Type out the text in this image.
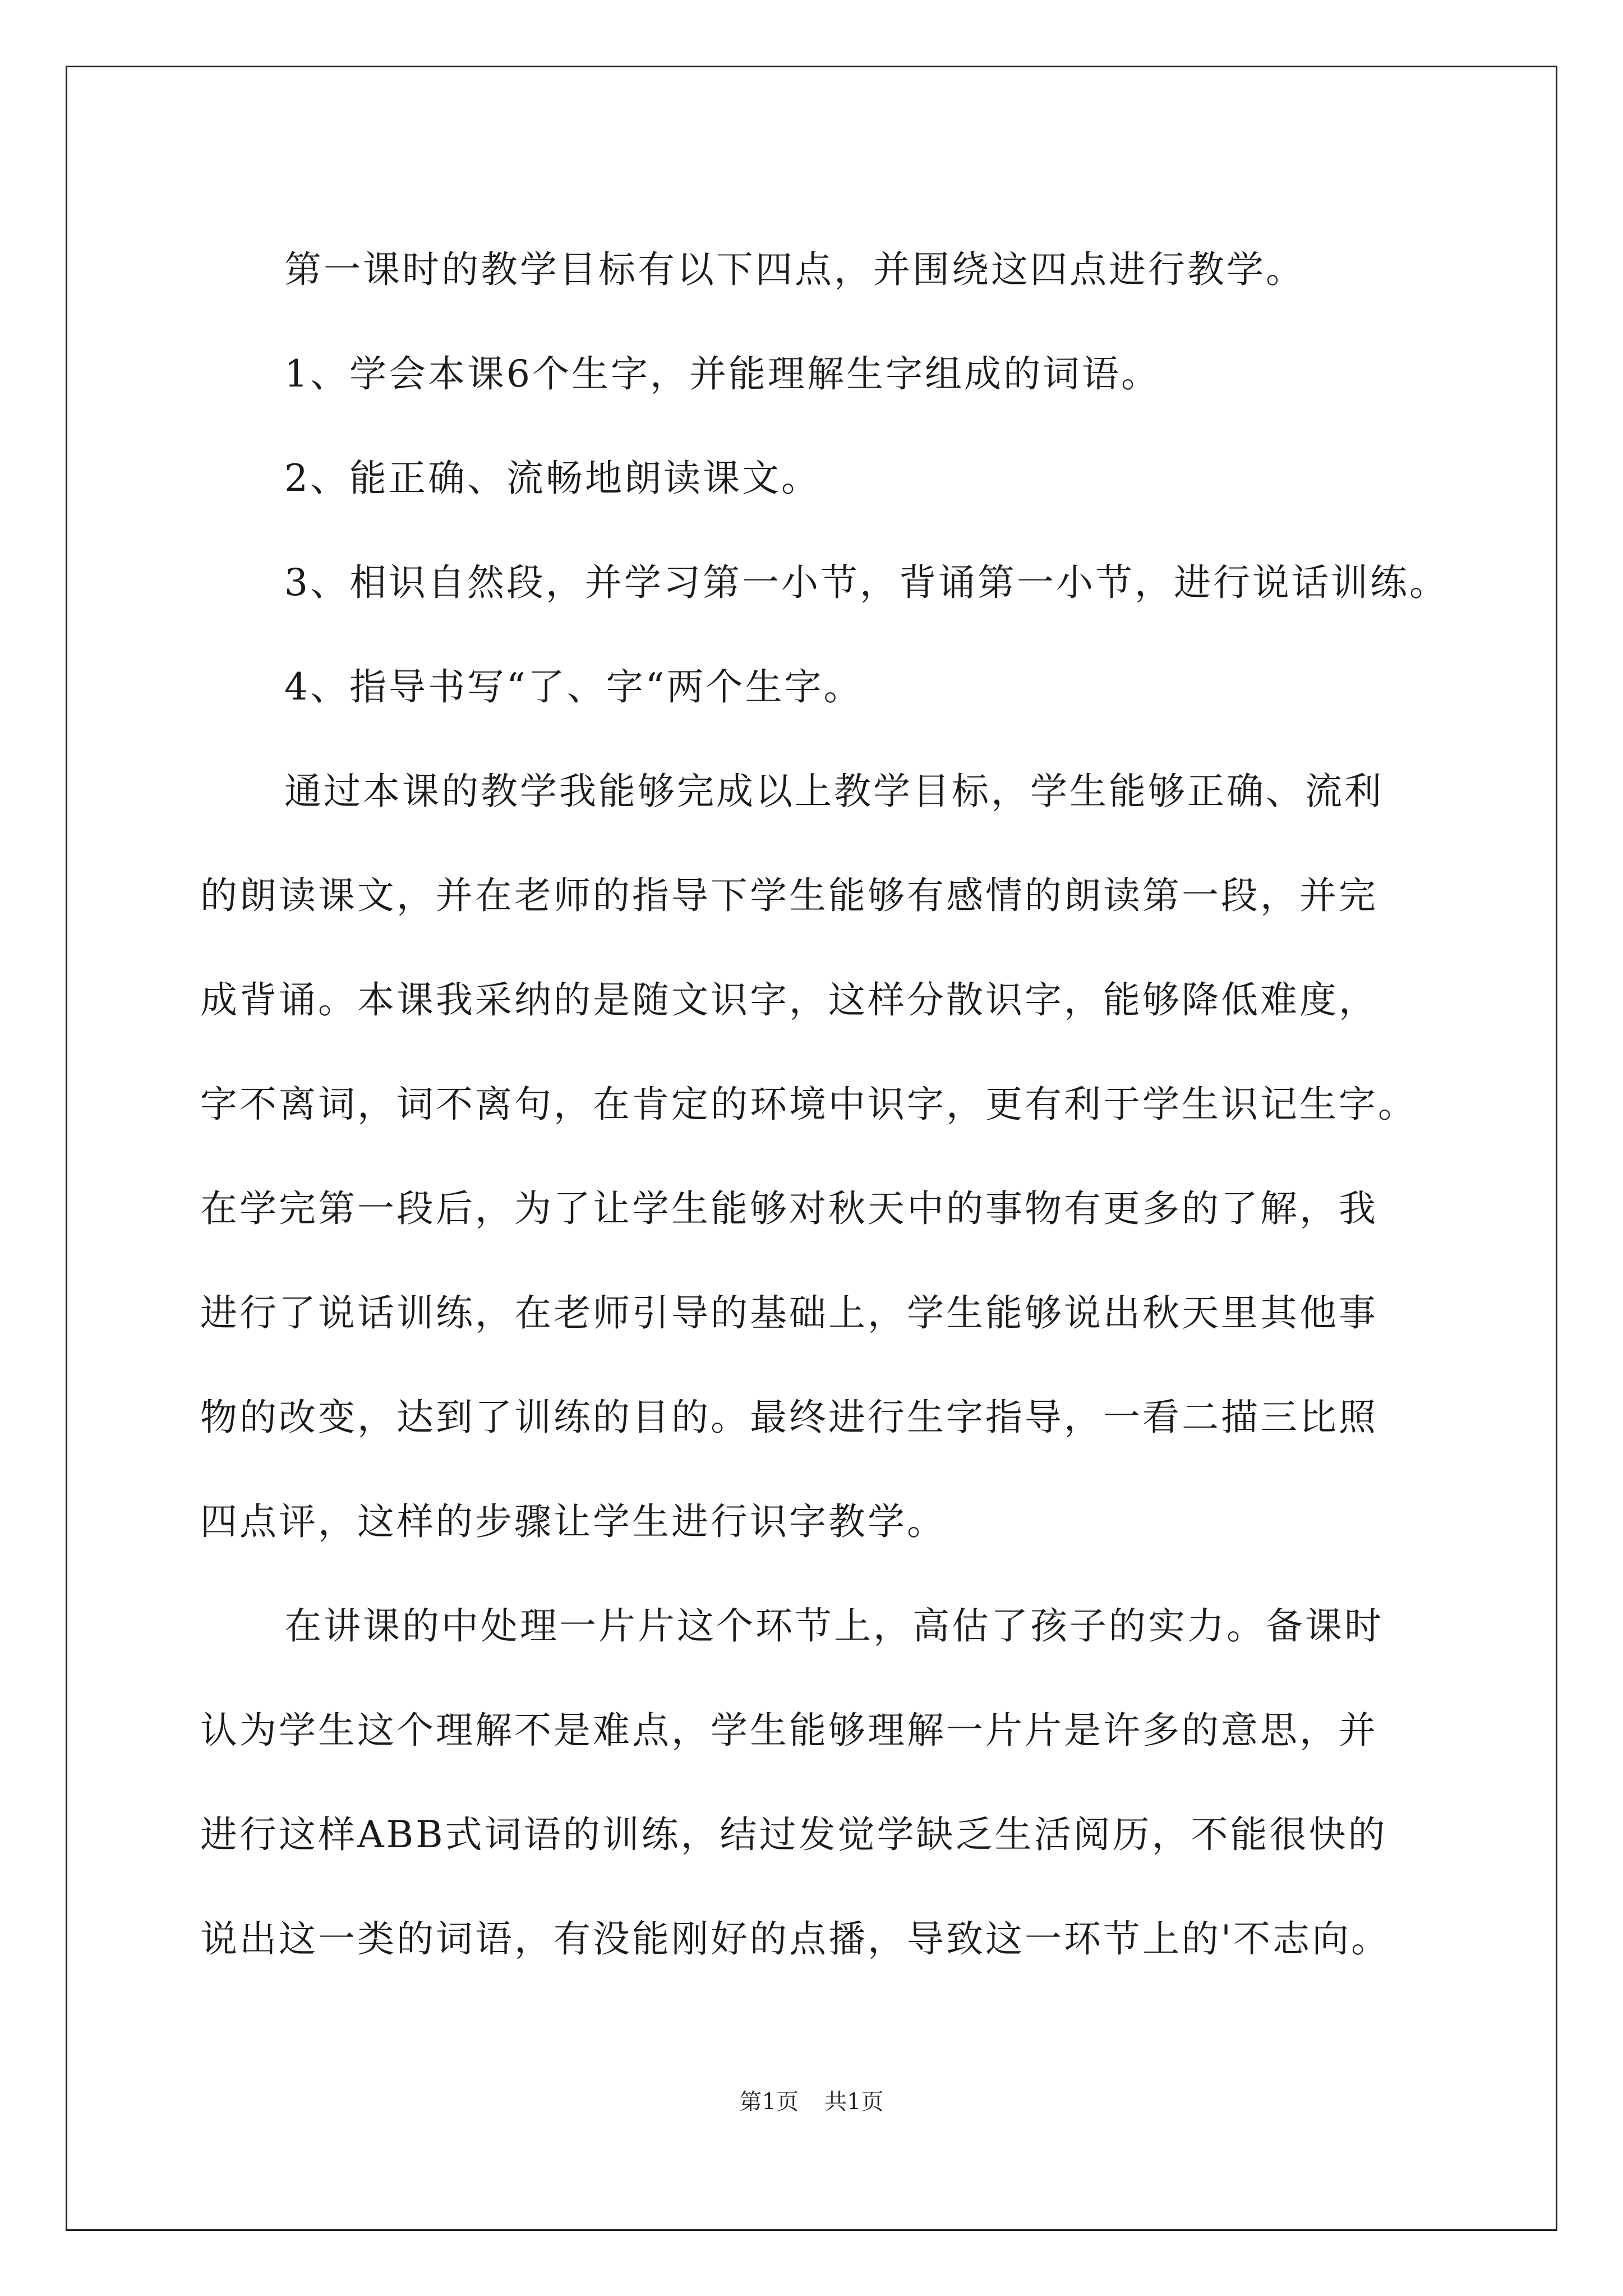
第一课时的教学目标有以下四点，并围绕这四点进行教学。
1、学会本课6个生字，并能理解生字组成的词语。
2、能正确、流畅地朗读课文。
3、相识自然段，并学习第一小节，背诵第一小节，进行说话训练。
4、指导书写“了、字“两个生字。
通过本课的教学我能够完成以上教学目标，学生能够正确、流利
的朗读课文，并在老师的指导下学生能够有感情的朗读第一段，并完
成背诵。本课我采纳的是随文识字，这样分散识字，能够降低难度，
字不离词，词不离句，在肯定的环境中识字，更有利于学生识记生字。
在学完第一段后，为了让学生能够对秋天中的事物有更多的了解，我
进行了说话训练，在老师引导的基础上，学生能够说出秋天里其他事
物的改变，达到了训练的目的。最终进行生字指导，一看二描三比照
四点评，这样的步骤让学生进行识字教学。
在讲课的中处理一片片这个环节上，高估了孩子的实力。备课时
认为学生这个理解不是难点，学生能够理解一片片是许多的意思，并
进行这样ABB式词语的训练，结过发觉学缺乏生活阅历，不能很快的
说出这一类的词语，有没能刚好的点播，导致这一环节上的'不志向。
第1页 共1页
